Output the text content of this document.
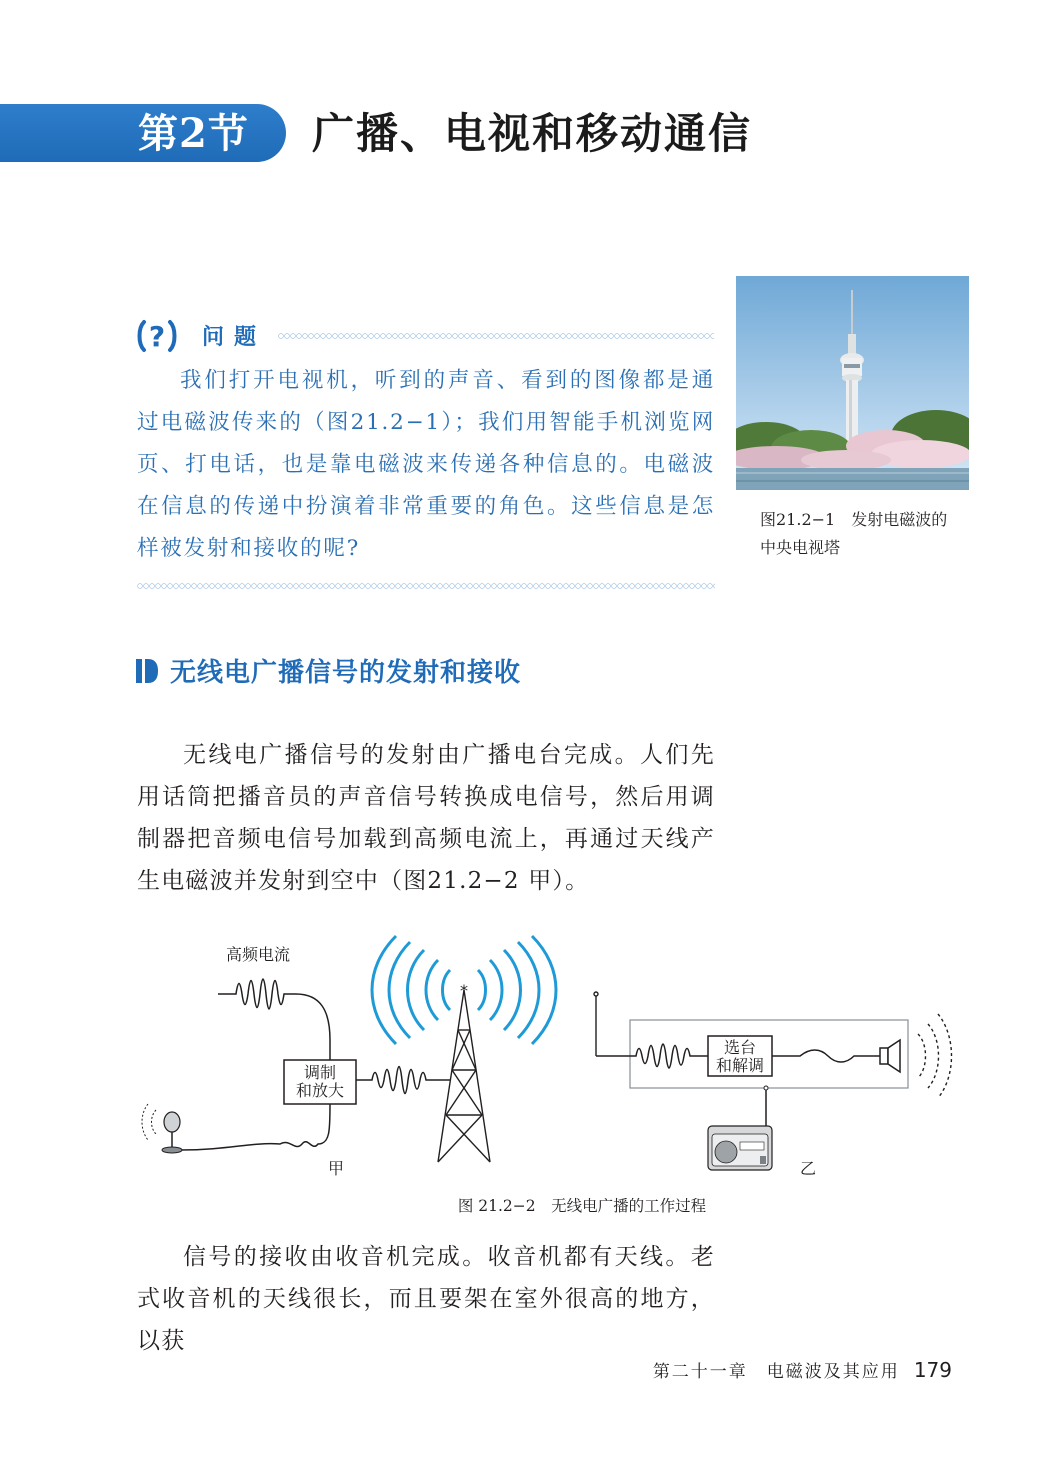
第2节 广播、电视和移动通信
? 问题

我们打开电视机，听到的声音、看到的图像都是通过电磁波传来的（图21.2−1）；我们用智能手机浏览网页、打电话，也是靠电磁波来传递各种信息的。电磁波在信息的传递中扮演着非常重要的角色。这些信息是怎样被发射和接收的呢?

图21.2−1　发射电磁波的
中央电视塔
无线电广播信号的发射和接收

无线电广播信号的发射由广播电台完成。人们先用话筒把播音员的声音信号转换成电信号，然后用调制器把音频电信号加载到高频电流上，再通过天线产生电磁波并发射到空中（图21.2−2 甲）。

高频电流
调制
和放大
*
甲
选台
和解调
乙
图 21.2−2　无线电广播的工作过程

信号的接收由收音机完成。收音机都有天线。老式收音机的天线很长，而且要架在室外很高的地方，以获

第二十一章　电磁波及其应用 179
